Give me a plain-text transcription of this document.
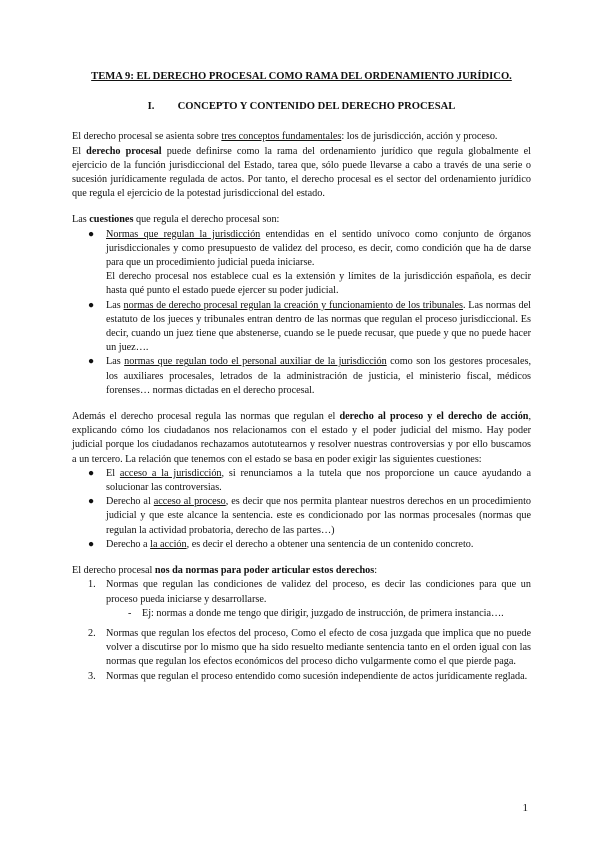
TEMA 9: EL DERECHO PROCESAL COMO RAMA DEL ORDENAMIENTO JURÍDICO.
I.	CONCEPTO Y CONTENIDO DEL DERECHO PROCESAL

El derecho procesal se asienta sobre tres conceptos fundamentales: los de jurisdicción, acción y proceso.

El derecho procesal puede definirse como la rama del ordenamiento jurídico que regula globalmente el ejercicio de la función jurisdiccional del Estado, tarea que, sólo puede llevarse a cabo a través de una serie o sucesión jurídicamente regulada de actos. Por tanto, el derecho procesal es el sector del ordenamiento jurídico que regula el ejercicio de la potestad jurisdiccional del estado.

Las cuestiones que regula el derecho procesal son:

● Normas que regulan la jurisdicción entendidas en el sentido unívoco como conjunto de órganos jurisdiccionales y como presupuesto de validez del proceso, es decir, como condición que ha de darse para que un procedimiento judicial pueda iniciarse.
El derecho procesal nos establece cual es la extensión y límites de la jurisdicción española, es decir hasta qué punto el estado puede ejercer su poder judicial.
● Las normas de derecho procesal regulan la creación y funcionamiento de los tribunales. Las normas del estatuto de los jueces y tribunales entran dentro de las normas que regulan el proceso jurisdiccional. Es decir, cuando un juez tiene que abstenerse, cuando se le puede recusar, que puede y que no puede hacer un juez….
● Las normas que regulan todo el personal auxiliar de la jurisdicción como son los gestores procesales, los auxiliares procesales, letrados de la administración de justicia, el ministerio fiscal, médicos forenses… normas dictadas en el derecho procesal.

Además el derecho procesal regula las normas que regulan el derecho al proceso y el derecho de acción, explicando cómo los ciudadanos nos relacionamos con el estado y el poder judicial del mismo. Hay poder judicial porque los ciudadanos rechazamos autotutearnos y resolver nuestras controversias y por ello buscamos a un tercero. La relación que tenemos con el estado se basa en poder exigir las siguientes cuestiones:

● El acceso a la jurisdicción, si renunciamos a la tutela que nos proporcione un cauce ayudando a solucionar las controversias.
● Derecho al acceso al proceso, es decir que nos permita plantear nuestros derechos en un procedimiento judicial y que este alcance la sentencia. este es condicionado por las normas procesales (normas que regulan la actividad probatoria, derecho de las partes…)
● Derecho a la acción, es decir el derecho a obtener una sentencia de un contenido concreto.

El derecho procesal nos da normas para poder articular estos derechos:

1. Normas que regulan las condiciones de validez del proceso, es decir las condiciones para que un proceso pueda iniciarse y desarrollarse.
- Ej: normas a donde me tengo que dirigir, juzgado de instrucción, de primera instancia….
2. Normas que regulan los efectos del proceso, Como el efecto de cosa juzgada que implica que no puede volver a discutirse por lo mismo que ha sido resuelto mediante sentencia tanto en el orden igual con las normas que regulan los efectos económicos del proceso dicho vulgarmente como el que pierde paga.
3. Normas que regulan el proceso entendido como sucesión independiente de actos jurídicamente reglada.
1
